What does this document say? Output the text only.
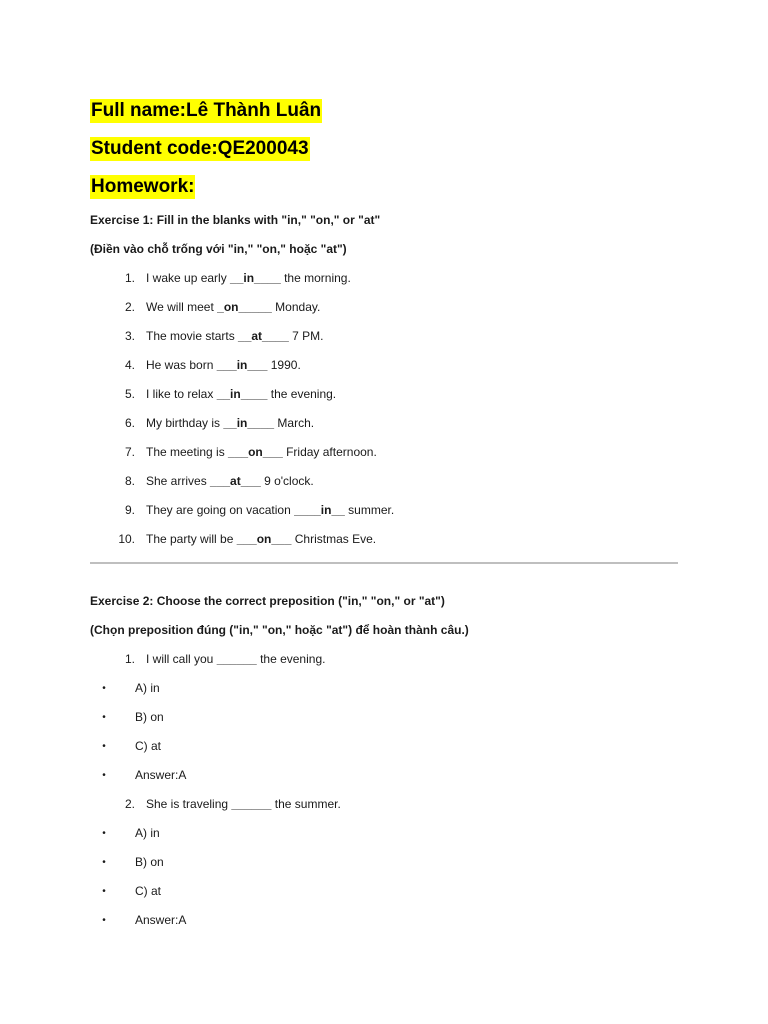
Full name:Lê Thành Luân
Student code:QE200043
Homework:
Exercise 1: Fill in the blanks with "in," "on," or "at"
(Điền vào chỗ trống với "in," "on," hoặc "at")
1. I wake up early __in____ the morning.
2. We will meet _on_____ Monday.
3. The movie starts __at____ 7 PM.
4. He was born ___in___ 1990.
5. I like to relax __in____ the evening.
6. My birthday is __in____ March.
7. The meeting is ___on___ Friday afternoon.
8. She arrives ___at___ 9 o'clock.
9. They are going on vacation ____in__ summer.
10. The party will be ___on___ Christmas Eve.
Exercise 2: Choose the correct preposition ("in," "on," or "at")
(Chọn preposition đúng ("in," "on," hoặc "at") để hoàn thành câu.)
1. I will call you ______ the evening.
•	A) in
•	B) on
•	C) at
•	Answer:A
2. She is traveling ______ the summer.
•	A) in
•	B) on
•	C) at
•	Answer:A
